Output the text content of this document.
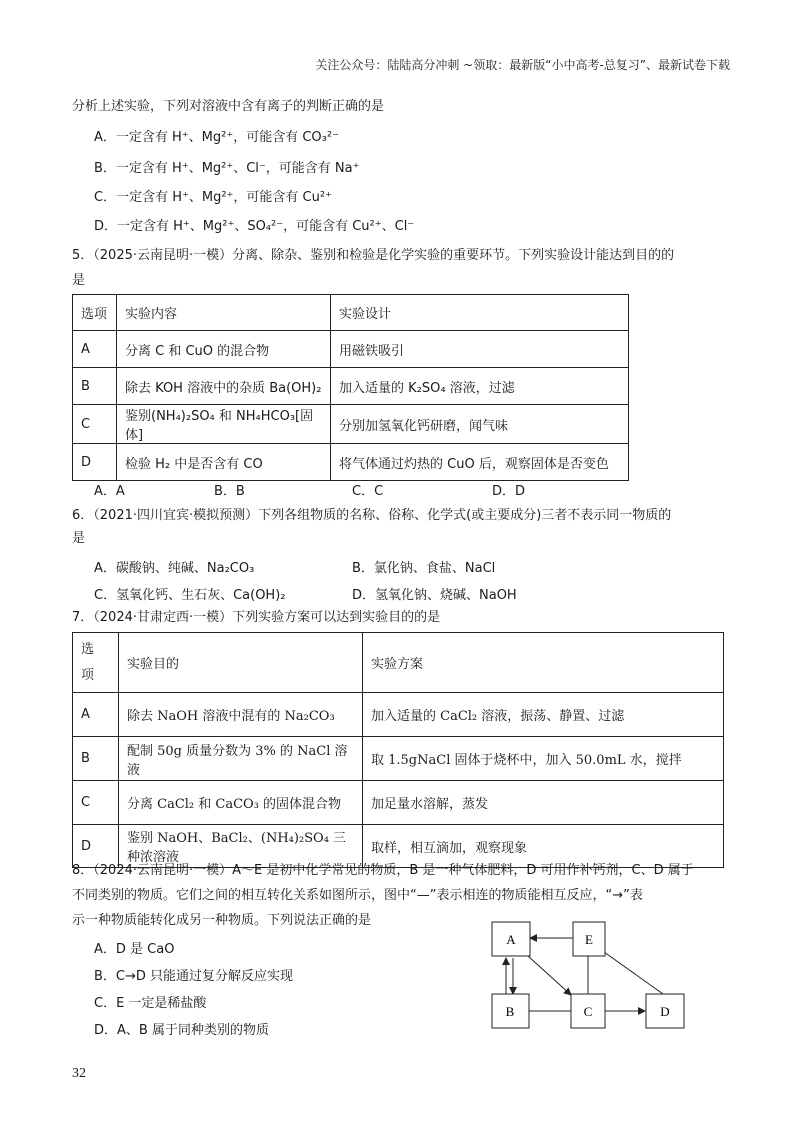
关注公众号：陆陆高分冲刺 ~领取：最新版“小中高考-总复习”、最新试卷下载
分析上述实验，下列对溶液中含有离子的判断正确的是
A．一定含有 H⁺、Mg²⁺，可能含有 CO₃²⁻
B．一定含有 H⁺、Mg²⁺、Cl⁻，可能含有 Na⁺
C．一定含有 H⁺、Mg²⁺，可能含有 Cu²⁺
D．一定含有 H⁺、Mg²⁺、SO₄²⁻，可能含有 Cu²⁺、Cl⁻
5．（2025·云南昆明·一模）分离、除杂、鉴别和检验是化学实验的重要环节。下列实验设计能达到目的的
是
选项	实验内容	实验设计
A	分离 C 和 CuO 的混合物	用磁铁吸引
B	除去 KOH 溶液中的杂质 Ba(OH)₂	加入适量的 K₂SO₄ 溶液，过滤
C	鉴别(NH₄)₂SO₄ 和 NH₄HCO₃[固体]	分别加氢氧化钙研磨，闻气味
D	检验 H₂ 中是否含有 CO	将气体通过灼热的 CuO 后，观察固体是否变色
A．A	B．B	C．C	D．D
6．（2021·四川宜宾·模拟预测）下列各组物质的名称、俗称、化学式(或主要成分)三者不表示同一物质的
是
A．碳酸钠、纯碱、Na₂CO₃	B．氯化钠、食盐、NaCl
C．氢氧化钙、生石灰、Ca(OH)₂	D．氢氧化钠、烧碱、NaOH
7．（2024·甘肃定西·一模）下列实验方案可以达到实验目的的是
选
项	实验目的	实验方案
A	除去 NaOH 溶液中混有的 Na₂CO₃	加入适量的 CaCl₂ 溶液，振荡、静置、过滤
B	配制 50g 质量分数为 3% 的 NaCl 溶液	取 1.5gNaCl 固体于烧杯中，加入 50.0mL 水，搅拌
C	分离 CaCl₂ 和 CaCO₃ 的固体混合物	加足量水溶解，蒸发
D	鉴别 NaOH、BaCl₂、(NH₄)₂SO₄ 三种浓溶液	取样，相互滴加，观察现象
8．（2024·云南昆明·一模）A～E 是初中化学常见的物质，B 是一种气体肥料，D 可用作补钙剂，C、D 属于
不同类别的物质。它们之间的相互转化关系如图所示，图中“—”表示相连的物质能相互反应，“→”表
示一种物质能转化成另一种物质。下列说法正确的是
A．D 是 CaO
B．C→D 只能通过复分解反应实现
C．E 一定是稀盐酸
D．A、B 属于同种类别的物质
A	E
B	C	D
32
